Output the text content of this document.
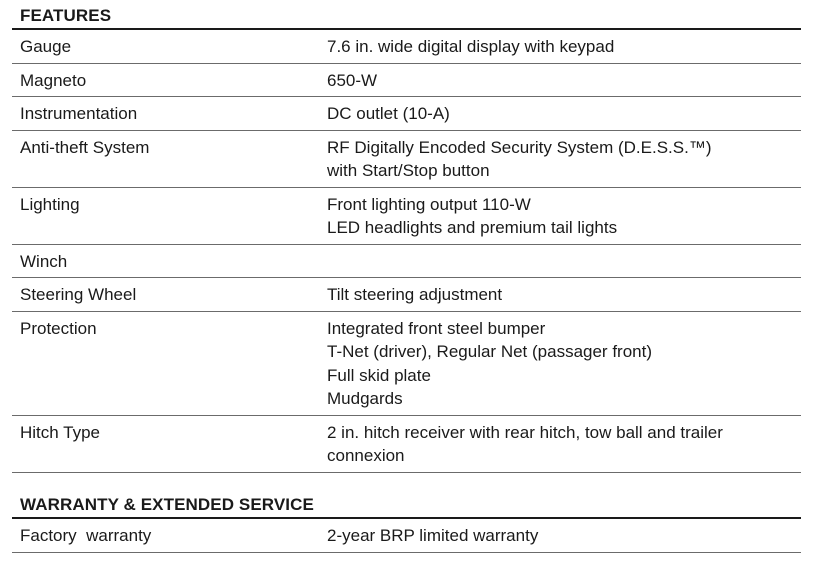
FEATURES
Gauge	7.6 in. wide digital display with keypad
Magneto	650-W
Instrumentation	DC outlet (10-A)
Anti-theft System	RF Digitally Encoded Security System (D.E.S.S.™)
with Start/Stop button
Lighting	Front lighting output 110-W
LED headlights and premium tail lights
Winch

Steering Wheel	Tilt steering adjustment
Protection	Integrated front steel bumper
T-Net (driver), Regular Net (passager front)
Full skid plate
Mudgards
Hitch Type	2 in. hitch receiver with rear hitch, tow ball and trailer
connexion
WARRANTY & EXTENDED SERVICE
Factory  warranty	2-year BRP limited warranty
